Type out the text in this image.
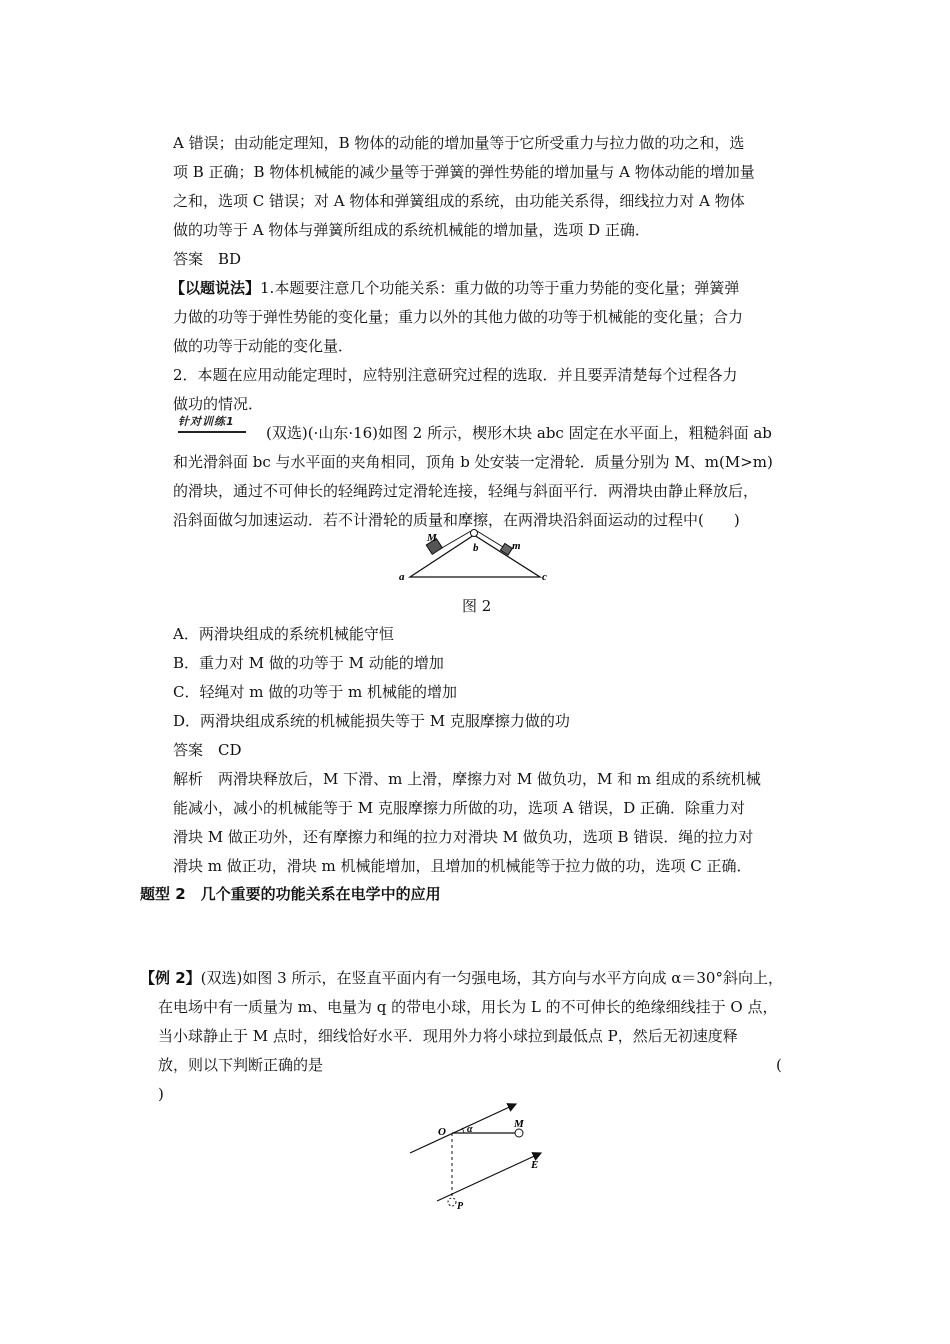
A 错误；由动能定理知，B 物体的动能的增加量等于它所受重力与拉力做的功之和，选
项 B 正确；B 物体机械能的减少量等于弹簧的弹性势能的增加量与 A 物体动能的增加量
之和，选项 C 错误；对 A 物体和弹簧组成的系统，由功能关系得，细线拉力对 A 物体
做的功等于 A 物体与弹簧所组成的系统机械能的增加量，选项 D 正确．
答案　BD
【以题说法】1.本题要注意几个功能关系：重力做的功等于重力势能的变化量；弹簧弹
力做的功等于弹性势能的变化量；重力以外的其他力做的功等于机械能的变化量；合力
做的功等于动能的变化量．
2．本题在应用动能定理时，应特别注意研究过程的选取．并且要弄清楚每个过程各力
做功的情况．
针对训练1
(双选)(·山东·16)如图 2 所示，楔形木块 abc 固定在水平面上，粗糙斜面 ab
和光滑斜面 bc 与水平面的夹角相同，顶角 b 处安装一定滑轮．质量分别为 M、m(M>m)
的滑块，通过不可伸长的轻绳跨过定滑轮连接，轻绳与斜面平行．两滑块由静止释放后，
沿斜面做匀加速运动．若不计滑轮的质量和摩擦，在两滑块沿斜面运动的过程中(　　)
a
b
c
M
m
图 2
A．两滑块组成的系统机械能守恒
B．重力对 M 做的功等于 M 动能的增加
C．轻绳对 m 做的功等于 m 机械能的增加
D．两滑块组成系统的机械能损失等于 M 克服摩擦力做的功
答案　CD
解析　两滑块释放后，M 下滑、m 上滑，摩擦力对 M 做负功，M 和 m 组成的系统机械
能减小，减小的机械能等于 M 克服摩擦力所做的功，选项 A 错误，D 正确．除重力对
滑块 M 做正功外，还有摩擦力和绳的拉力对滑块 M 做负功，选项 B 错误．绳的拉力对
滑块 m 做正功，滑块 m 机械能增加，且增加的机械能等于拉力做的功，选项 C 正确．
题型 2　几个重要的功能关系在电学中的应用
【例 2】(双选)如图 3 所示，在竖直平面内有一匀强电场，其方向与水平方向成 α＝30°斜向上，
在电场中有一质量为 m、电量为 q 的带电小球，用长为 L 的不可伸长的绝缘细线挂于 O 点，
当小球静止于 M 点时，细线恰好水平．现用外力将小球拉到最低点 P，然后无初速度释
放，则以下判断正确的是	(
)
O α	M
E
P
